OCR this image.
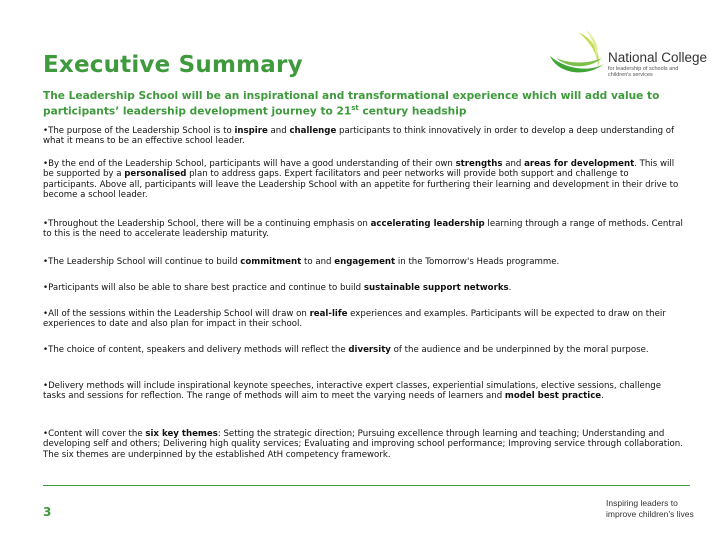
Executive Summary
The Leadership School will be an inspirational and transformational experience which will add value to participants’ leadership development journey to 21st century headship
National College
for leadership of schools and children's services
•The purpose of the Leadership School is to inspire and challenge participants to think innovatively in order to develop a deep understanding of what it means to be an effective school leader.
•By the end of the Leadership School, participants will have a good understanding of their own strengths and areas for development. This will be supported by a personalised plan to address gaps. Expert facilitators and peer networks will provide both support and challenge to participants. Above all, participants will leave the Leadership School with an appetite for furthering their learning and development in their drive to become a school leader.
•Throughout the Leadership School, there will be a continuing emphasis on accelerating leadership learning through a range of methods. Central to this is the need to accelerate leadership maturity.
•The Leadership School will continue to build commitment to and engagement in the Tomorrow's Heads programme.
•Participants will also be able to share best practice and continue to build sustainable support networks.
•All of the sessions within the Leadership School will draw on real-life experiences and examples. Participants will be expected to draw on their experiences to date and also plan for impact in their school.
•The choice of content, speakers and delivery methods will reflect the diversity of the audience and be underpinned by the moral purpose.
•Delivery methods will include inspirational keynote speeches, interactive expert classes, experiential simulations, elective sessions, challenge tasks and sessions for reflection. The range of methods will aim to meet the varying needs of learners and model best practice.
•Content will cover the six key themes: Setting the strategic direction; Pursuing excellence through learning and teaching; Understanding and developing self and others; Delivering high quality services; Evaluating and improving school performance; Improving service through collaboration. The six themes are underpinned by the established AtH competency framework.
3
Inspiring leaders to
improve children’s lives
